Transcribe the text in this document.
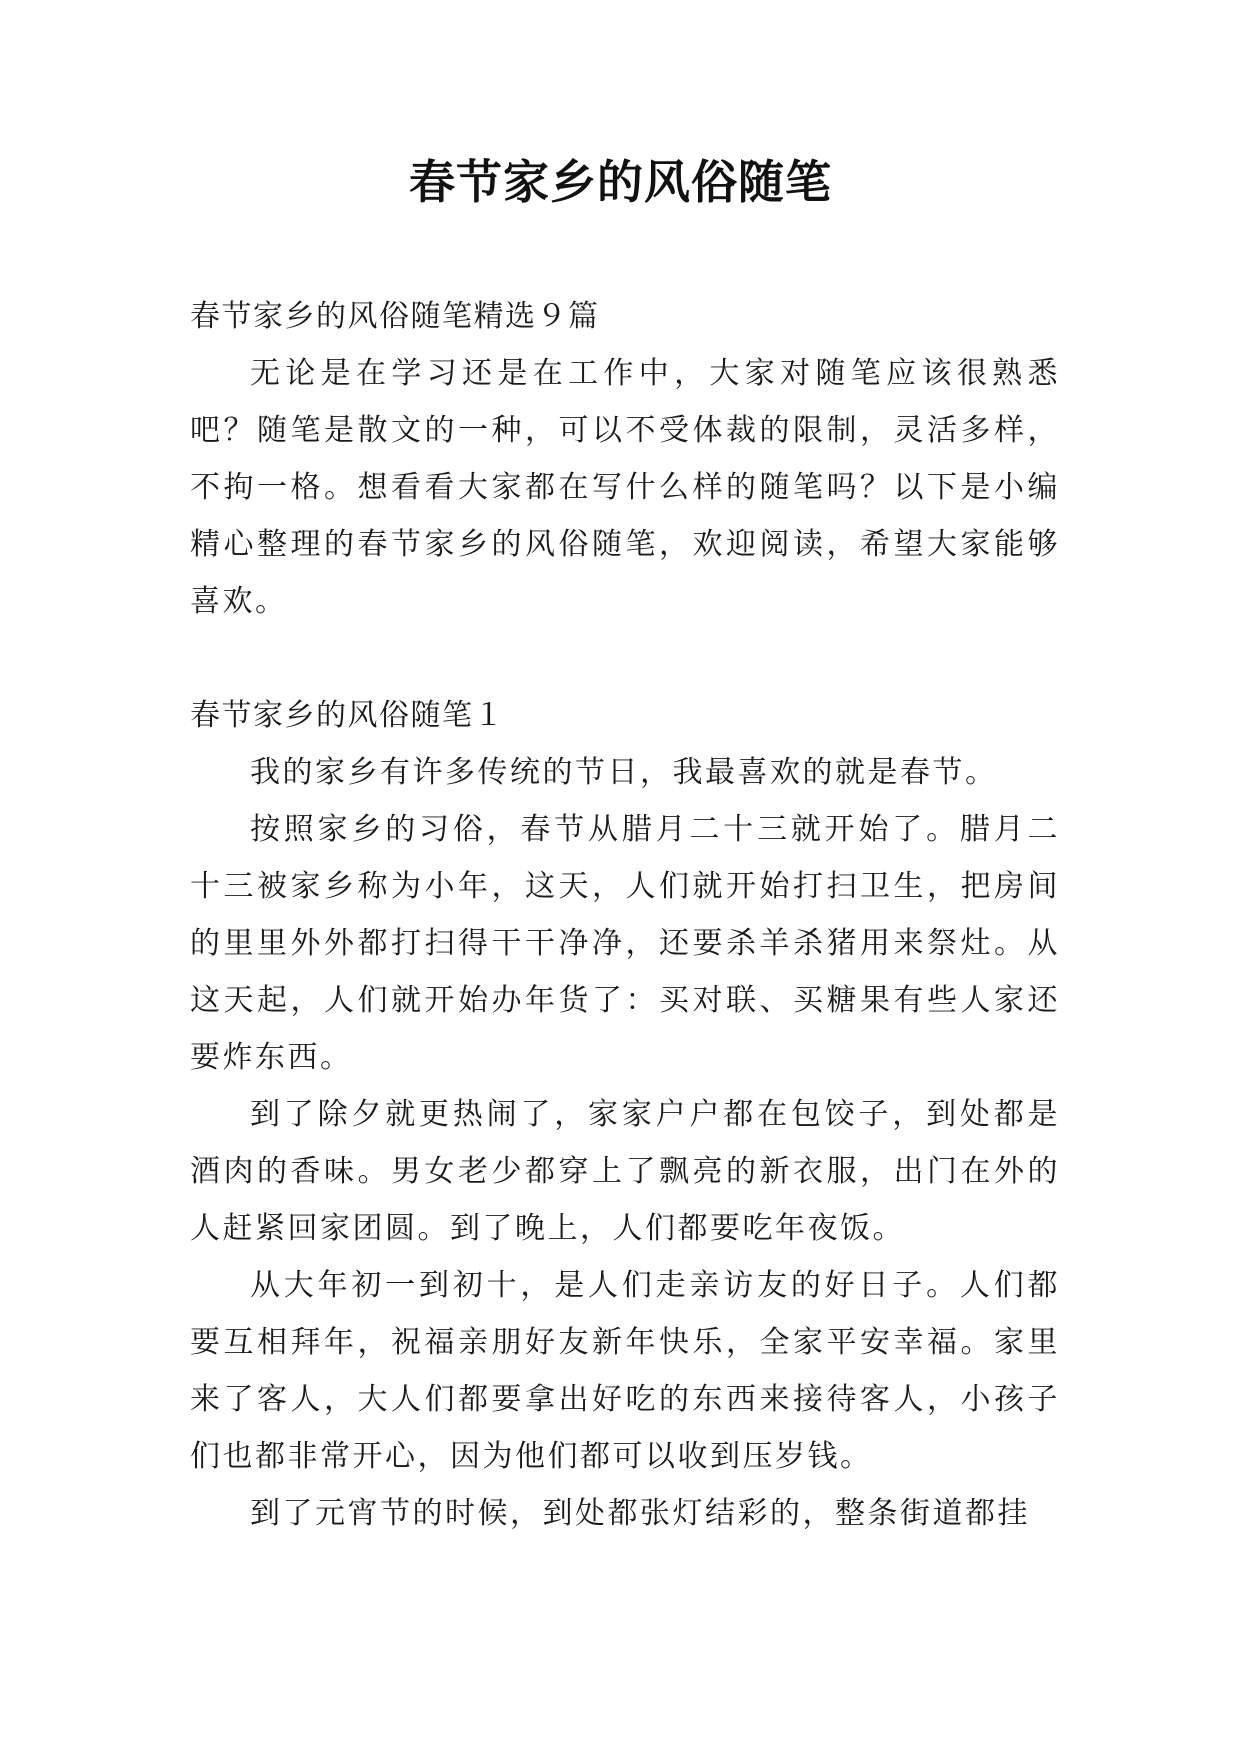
春节家乡的风俗随笔

春节家乡的风俗随笔精选９篇

无论是在学习还是在工作中，大家对随笔应该很熟悉吧？随笔是散文的一种，可以不受体裁的限制，灵活多样，不拘一格。想看看大家都在写什么样的随笔吗？以下是小编精心整理的春节家乡的风俗随笔，欢迎阅读，希望大家能够喜欢。

春节家乡的风俗随笔１

我的家乡有许多传统的节日，我最喜欢的就是春节。

按照家乡的习俗，春节从腊月二十三就开始了。腊月二十三被家乡称为小年，这天，人们就开始打扫卫生，把房间的里里外外都打扫得干干净净，还要杀羊杀猪用来祭灶。从这天起，人们就开始办年货了：买对联、买糖果有些人家还要炸东西。

到了除夕就更热闹了，家家户户都在包饺子，到处都是酒肉的香味。男女老少都穿上了飘亮的新衣服，出门在外的人赶紧回家团圆。到了晚上，人们都要吃年夜饭。

从大年初一到初十，是人们走亲访友的好日子。人们都要互相拜年，祝福亲朋好友新年快乐，全家平安幸福。家里来了客人，大人们都要拿出好吃的东西来接待客人，小孩子们也都非常开心，因为他们都可以收到压岁钱。

到了元宵节的时候，到处都张灯结彩的，整条街道都挂
